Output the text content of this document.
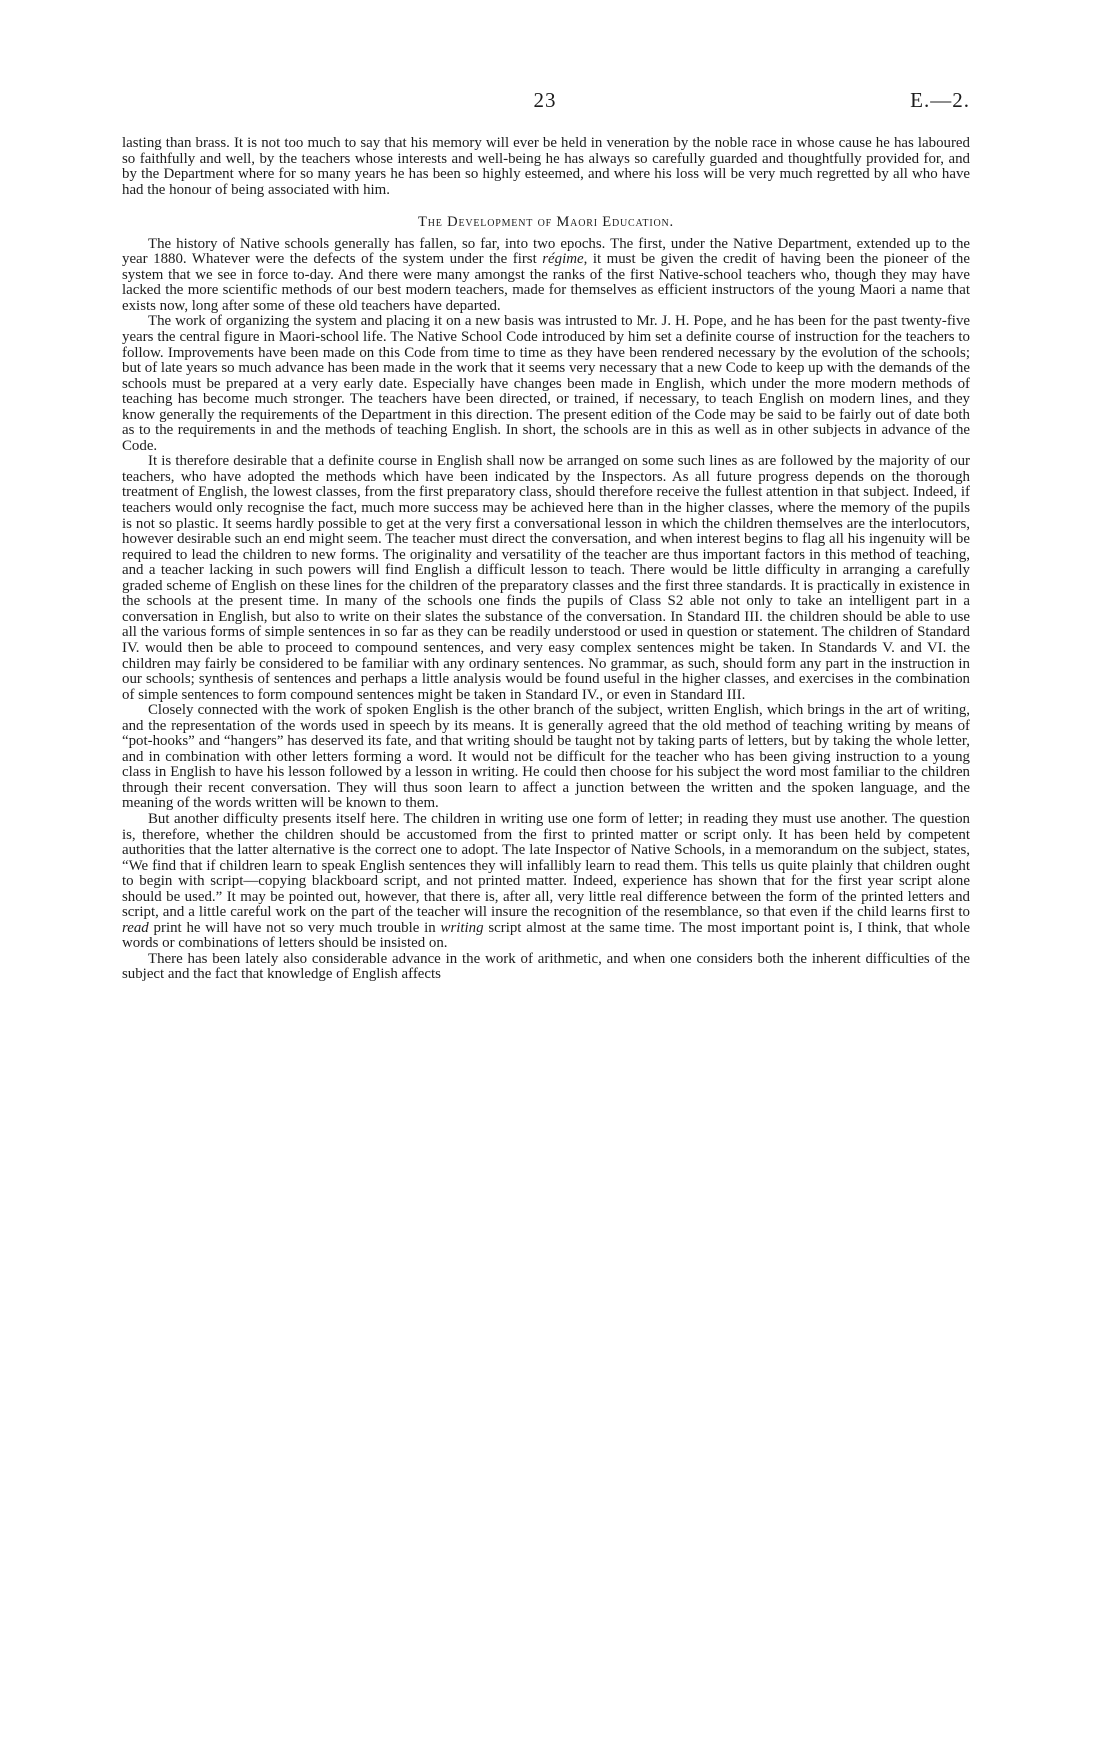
23	E.—2.

lasting than brass. It is not too much to say that his memory will ever be held in veneration by the noble race in whose cause he has laboured so faithfully and well, by the teachers whose interests and well-being he has always so carefully guarded and thoughtfully provided for, and by the Department where for so many years he has been so highly esteemed, and where his loss will be very much regretted by all who have had the honour of being associated with him.

The Development of Maori Education.

The history of Native schools generally has fallen, so far, into two epochs. The first, under the Native Department, extended up to the year 1880. Whatever were the defects of the system under the first régime, it must be given the credit of having been the pioneer of the system that we see in force to-day. And there were many amongst the ranks of the first Native-school teachers who, though they may have lacked the more scientific methods of our best modern teachers, made for themselves as efficient instructors of the young Maori a name that exists now, long after some of these old teachers have departed.

The work of organizing the system and placing it on a new basis was intrusted to Mr. J. H. Pope, and he has been for the past twenty-five years the central figure in Maori-school life. The Native School Code introduced by him set a definite course of instruction for the teachers to follow. Improvements have been made on this Code from time to time as they have been rendered necessary by the evolution of the schools; but of late years so much advance has been made in the work that it seems very necessary that a new Code to keep up with the demands of the schools must be prepared at a very early date. Especially have changes been made in English, which under the more modern methods of teaching has become much stronger. The teachers have been directed, or trained, if necessary, to teach English on modern lines, and they know generally the requirements of the Department in this direction. The present edition of the Code may be said to be fairly out of date both as to the requirements in and the methods of teaching English. In short, the schools are in this as well as in other subjects in advance of the Code.

It is therefore desirable that a definite course in English shall now be arranged on some such lines as are followed by the majority of our teachers, who have adopted the methods which have been indicated by the Inspectors. As all future progress depends on the thorough treatment of English, the lowest classes, from the first preparatory class, should therefore receive the fullest attention in that subject. Indeed, if teachers would only recognise the fact, much more success may be achieved here than in the higher classes, where the memory of the pupils is not so plastic. It seems hardly possible to get at the very first a conversational lesson in which the children themselves are the interlocutors, however desirable such an end might seem. The teacher must direct the conversation, and when interest begins to flag all his ingenuity will be required to lead the children to new forms. The originality and versatility of the teacher are thus important factors in this method of teaching, and a teacher lacking in such powers will find English a difficult lesson to teach. There would be little difficulty in arranging a carefully graded scheme of English on these lines for the children of the preparatory classes and the first three standards. It is practically in existence in the schools at the present time. In many of the schools one finds the pupils of Class S2 able not only to take an intelligent part in a conversation in English, but also to write on their slates the substance of the conversation. In Standard III. the children should be able to use all the various forms of simple sentences in so far as they can be readily understood or used in question or statement. The children of Standard IV. would then be able to proceed to compound sentences, and very easy complex sentences might be taken. In Standards V. and VI. the children may fairly be considered to be familiar with any ordinary sentences. No grammar, as such, should form any part in the instruction in our schools; synthesis of sentences and perhaps a little analysis would be found useful in the higher classes, and exercises in the combination of simple sentences to form compound sentences might be taken in Standard IV., or even in Standard III.

Closely connected with the work of spoken English is the other branch of the subject, written English, which brings in the art of writing, and the representation of the words used in speech by its means. It is generally agreed that the old method of teaching writing by means of “pot-hooks” and “hangers” has deserved its fate, and that writing should be taught not by taking parts of letters, but by taking the whole letter, and in combination with other letters forming a word. It would not be difficult for the teacher who has been giving instruction to a young class in English to have his lesson followed by a lesson in writing. He could then choose for his subject the word most familiar to the children through their recent conversation. They will thus soon learn to affect a junction between the written and the spoken language, and the meaning of the words written will be known to them.

But another difficulty presents itself here. The children in writing use one form of letter; in reading they must use another. The question is, therefore, whether the children should be accustomed from the first to printed matter or script only. It has been held by competent authorities that the latter alternative is the correct one to adopt. The late Inspector of Native Schools, in a memorandum on the subject, states, “We find that if children learn to speak English sentences they will infallibly learn to read them. This tells us quite plainly that children ought to begin with script—copying blackboard script, and not printed matter. Indeed, experience has shown that for the first year script alone should be used.” It may be pointed out, however, that there is, after all, very little real difference between the form of the printed letters and script, and a little careful work on the part of the teacher will insure the recognition of the resemblance, so that even if the child learns first to read print he will have not so very much trouble in writing script almost at the same time. The most important point is, I think, that whole words or combinations of letters should be insisted on.

There has been lately also considerable advance in the work of arithmetic, and when one considers both the inherent difficulties of the subject and the fact that knowledge of English affects
